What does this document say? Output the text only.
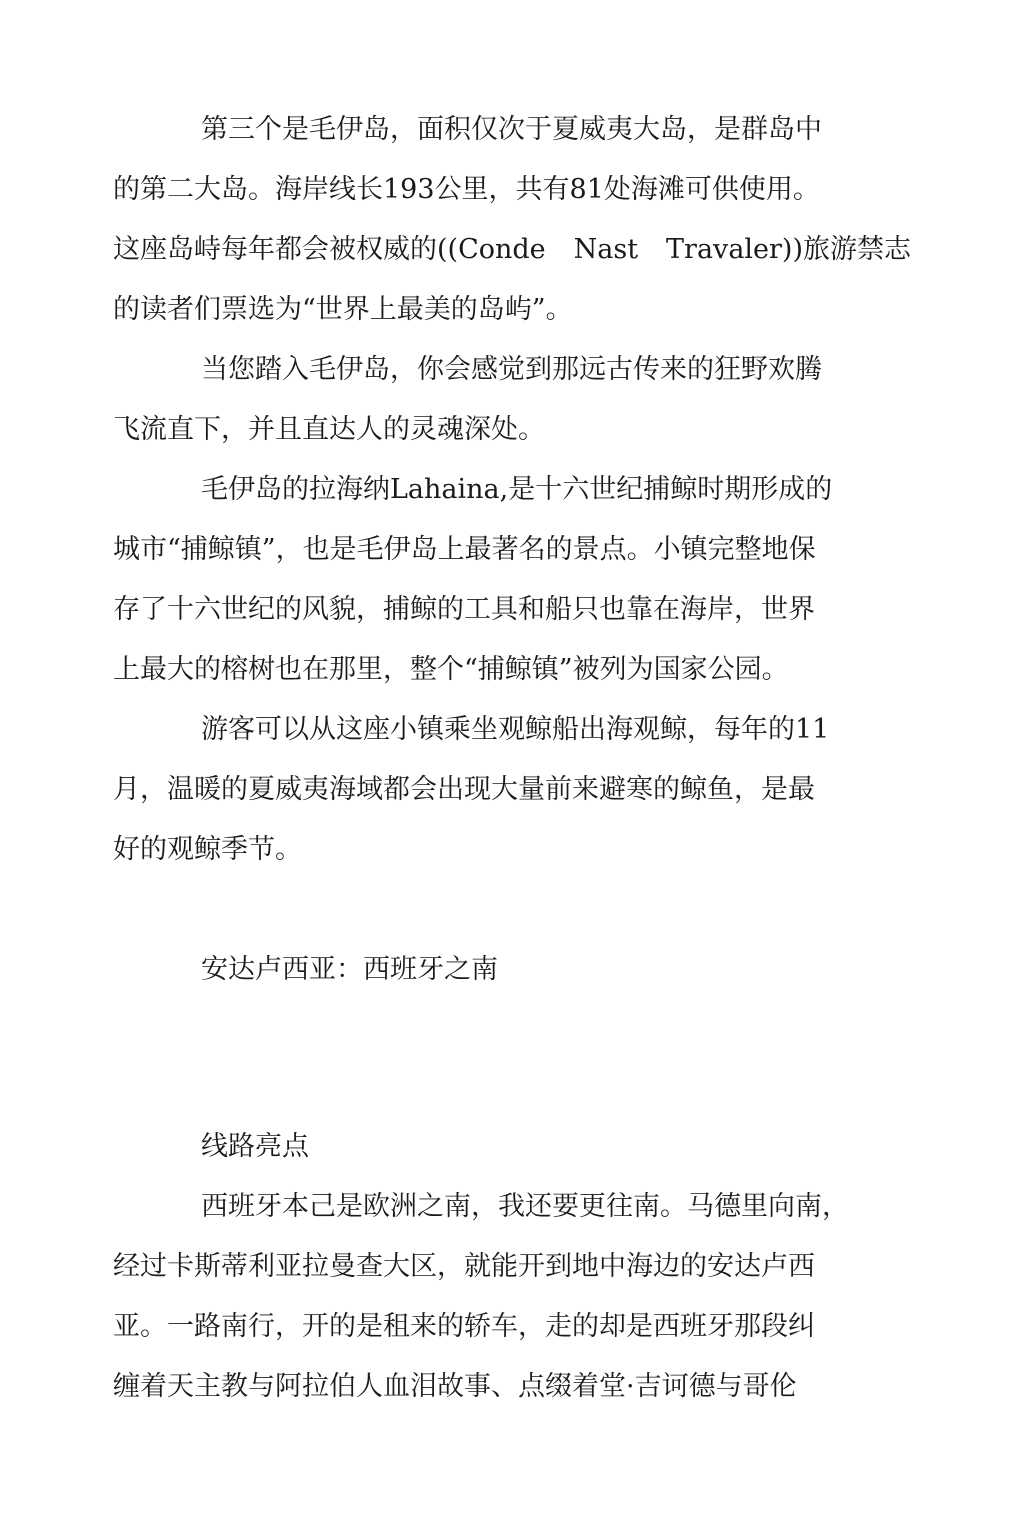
第三个是毛伊岛，面积仅次于夏威夷大岛，是群岛中
的第二大岛。海岸线长193公里，共有81处海滩可供使用。
这座岛峙每年都会被权威的((Conde Nast Travaler))旅游禁志
的读者们票选为“世界上最美的岛屿”。
当您踏入毛伊岛，你会感觉到那远古传来的狂野欢腾
飞流直下，并且直达人的灵魂深处。
毛伊岛的拉海纳Lahaina,是十六世纪捕鲸时期形成的
城市“捕鲸镇”，也是毛伊岛上最著名的景点。小镇完整地保
存了十六世纪的风貌，捕鲸的工具和船只也靠在海岸，世界
上最大的榕树也在那里，整个“捕鲸镇”被列为国家公园。
游客可以从这座小镇乘坐观鲸船出海观鲸，每年的11
月，温暖的夏威夷海域都会出现大量前来避寒的鲸鱼，是最
好的观鲸季节。
安达卢西亚：西班牙之南
线路亮点
西班牙本己是欧洲之南，我还要更往南。马德里向南，
经过卡斯蒂利亚拉曼查大区，就能开到地中海边的安达卢西
亚。一路南行，开的是租来的轿车，走的却是西班牙那段纠
缠着天主教与阿拉伯人血泪故事、点缀着堂·吉诃德与哥伦
